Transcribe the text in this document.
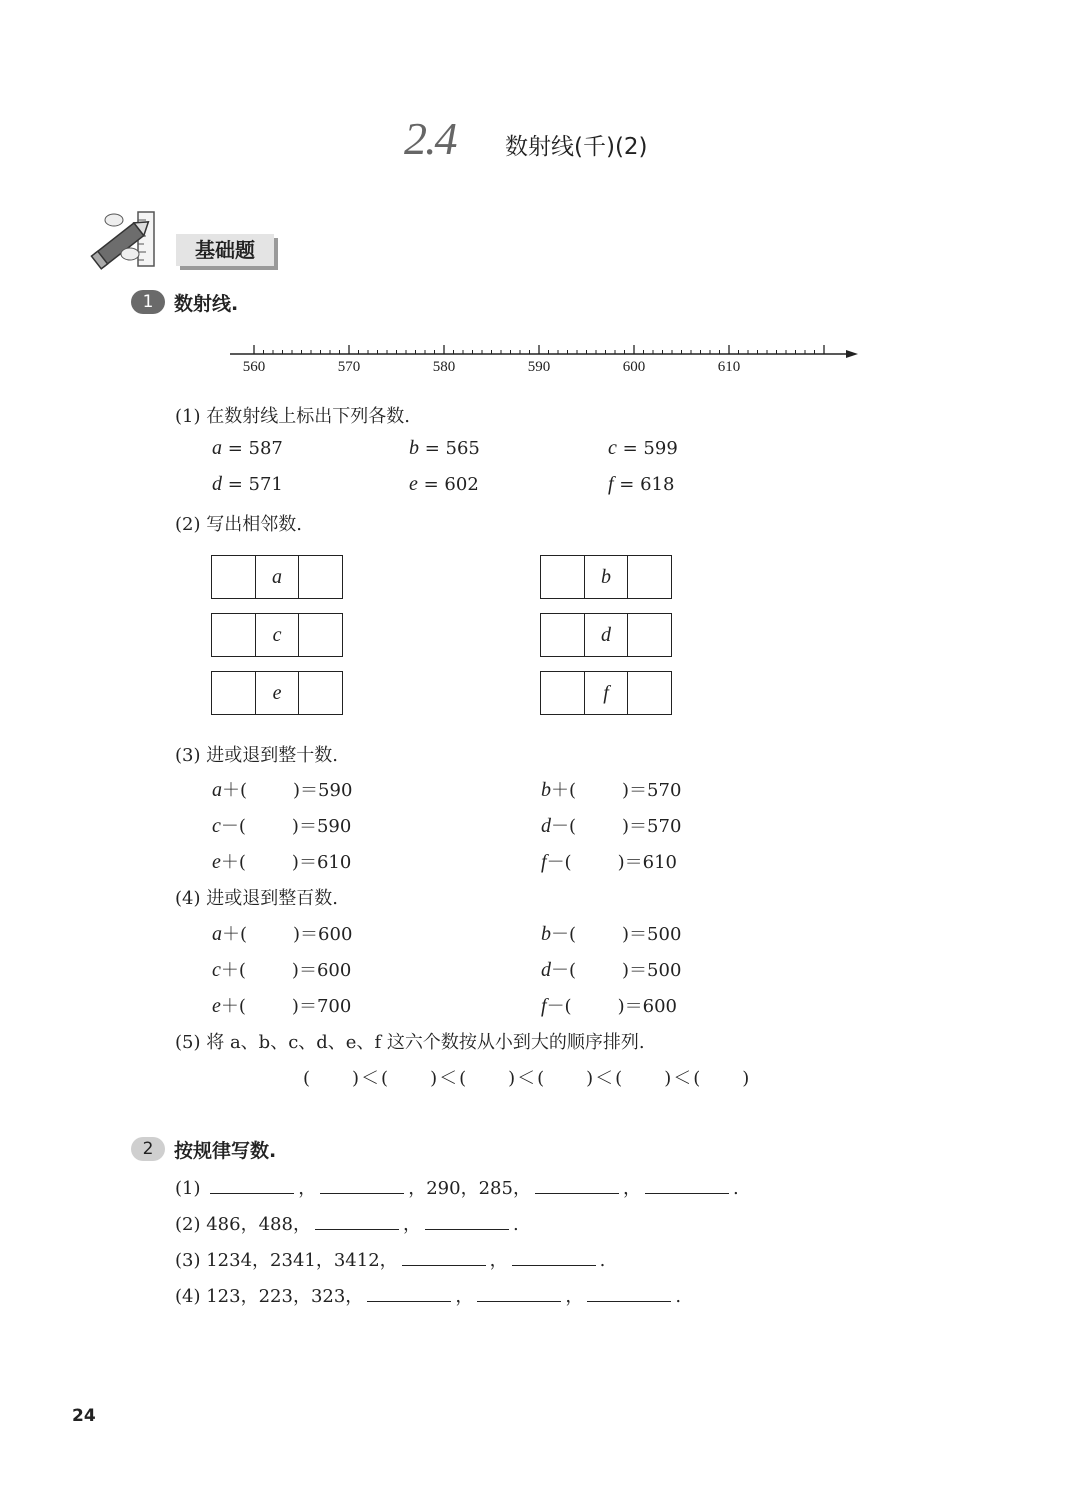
2.4 数射线(千)(2)
基础题
1	数射线.
560	570	580	590	600	610
(1) 在数射线上标出下列各数.
a = 587	b = 565	c = 599
d = 571	e = 602	f = 618
(2) 写出相邻数.
a	b
c	d
e	f
(3) 进或退到整十数.
a＋(	)＝590	b＋(	)＝570
c－(	)＝590	d－(	)＝570
e＋(	)＝610	f－(	)＝610
(4) 进或退到整百数.
a＋(	)＝600	b－(	)＝500
c＋(	)＝600	d－(	)＝500
e＋(	)＝700	f－(	)＝600
(5) 将 a、b、c、d、e、f 这六个数按从小到大的顺序排列.
(　　)＜(　　)＜(　　)＜(　　)＜(　　)＜(　　)
2	按规律写数.
(1)	，	，290，285，	，	.
(2) 486，488，	，	.
(3) 1234，2341，3412，	，	.
(4) 123，223，323，	，	，	.
24
